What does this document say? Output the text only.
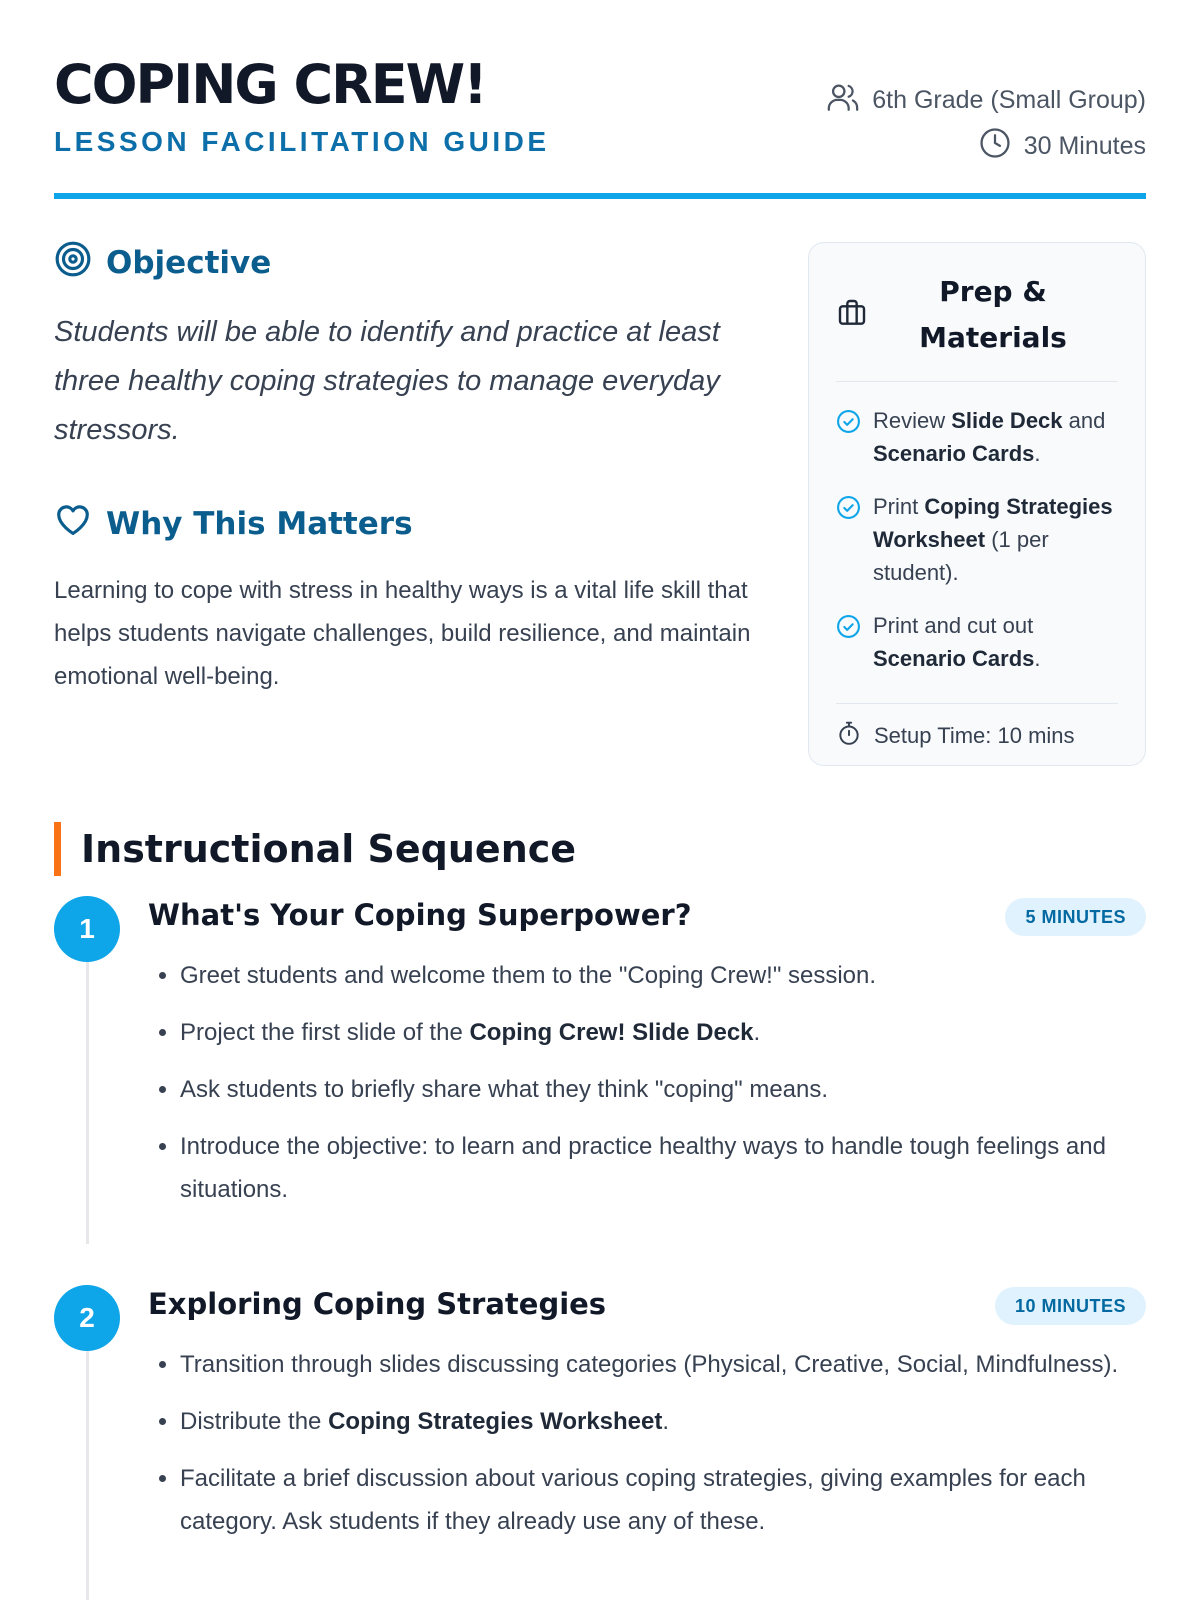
COPING CREW!
LESSON FACILITATION GUIDE
6th Grade (Small Group)
30 Minutes
Objective

Students will be able to identify and practice at least three healthy coping strategies to manage everyday stressors.

Why This Matters

Learning to cope with stress in healthy ways is a vital life skill that helps students navigate challenges, build resilience, and maintain emotional well-being.

Prep & Materials
Review Slide Deck and Scenario Cards.
Print Coping Strategies Worksheet (1 per student).
Print and cut out Scenario Cards.
Setup Time: 10 mins
Instructional Sequence
1	What's Your Coping Superpower?	5 MINUTES
• Greet students and welcome them to the "Coping Crew!" session.
• Project the first slide of the Coping Crew! Slide Deck.
• Ask students to briefly share what they think "coping" means.
• Introduce the objective: to learn and practice healthy ways to handle tough feelings and situations.
2	Exploring Coping Strategies	10 MINUTES
• Transition through slides discussing categories (Physical, Creative, Social, Mindfulness).
• Distribute the Coping Strategies Worksheet.
• Facilitate a brief discussion about various coping strategies, giving examples for each category. Ask students if they already use any of these.
